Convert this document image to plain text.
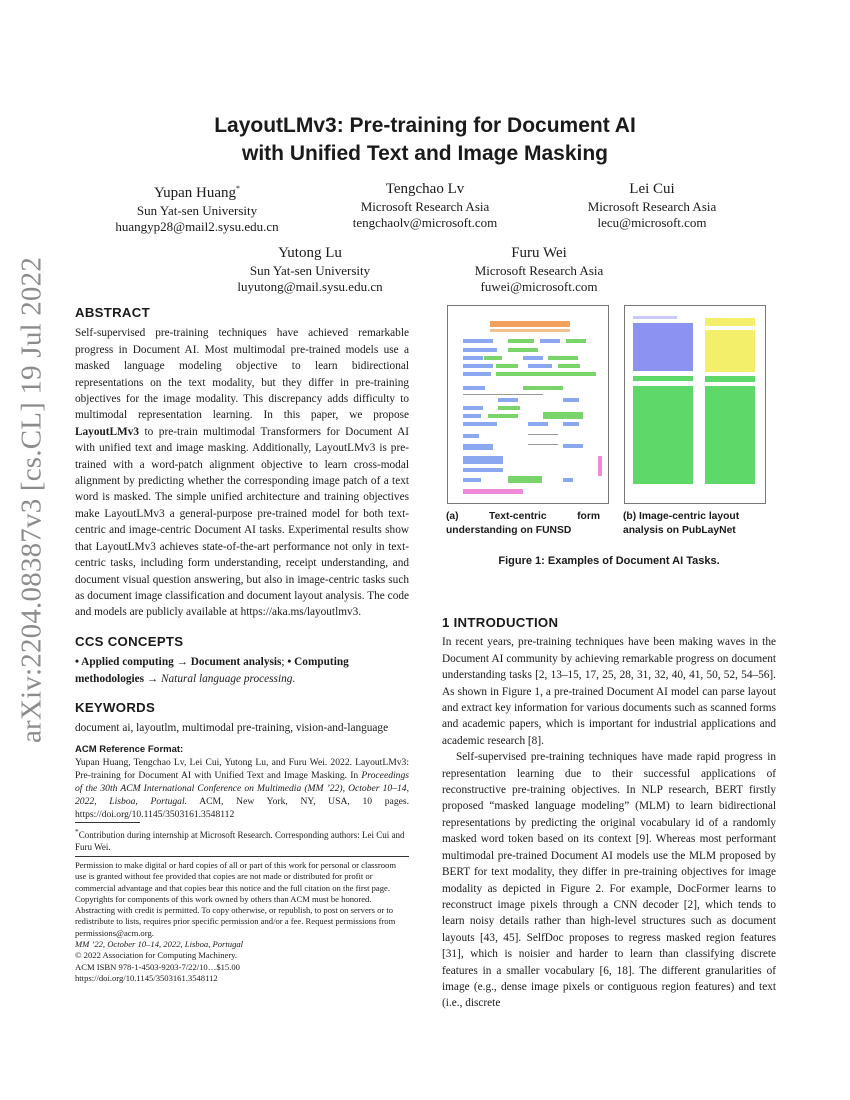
arXiv:2204.08387v3 [cs.CL] 19 Jul 2022
LayoutLMv3: Pre-training for Document AI
with Unified Text and Image Masking
Yupan Huang*
Sun Yat-sen University
huangyp28@mail2.sysu.edu.cn
Tengchao Lv
Microsoft Research Asia
tengchaolv@microsoft.com
Lei Cui
Microsoft Research Asia
lecu@microsoft.com
Yutong Lu
Sun Yat-sen University
luyutong@mail.sysu.edu.cn
Furu Wei
Microsoft Research Asia
fuwei@microsoft.com
ABSTRACT

Self-supervised pre-training techniques have achieved remarkable progress in Document AI. Most multimodal pre-trained models use a masked language modeling objective to learn bidirectional representations on the text modality, but they differ in pre-training objectives for the image modality. This discrepancy adds difficulty to multimodal representation learning. In this paper, we propose LayoutLMv3 to pre-train multimodal Transformers for Document AI with unified text and image masking. Additionally, LayoutLMv3 is pre-trained with a word-patch alignment objective to learn cross-modal alignment by predicting whether the corresponding image patch of a text word is masked. The simple unified architecture and training objectives make LayoutLMv3 a general-purpose pre-trained model for both text-centric and image-centric Document AI tasks. Experimental results show that LayoutLMv3 achieves state-of-the-art performance not only in text-centric tasks, including form understanding, receipt understanding, and document visual question answering, but also in image-centric tasks such as document image classification and document layout analysis. The code and models are publicly available at https://aka.ms/layoutlmv3.

CCS CONCEPTS

• Applied computing → Document analysis; • Computing methodologies → Natural language processing.

KEYWORDS

document ai, layoutlm, multimodal pre-training, vision-and-language

ACM Reference Format:

Yupan Huang, Tengchao Lv, Lei Cui, Yutong Lu, and Furu Wei. 2022. LayoutLMv3: Pre-training for Document AI with Unified Text and Image Masking. In Proceedings of the 30th ACM International Conference on Multimedia (MM ’22), October 10–14, 2022, Lisboa, Portugal. ACM, New York, NY, USA, 10 pages. https://doi.org/10.1145/3503161.3548112

*Contribution during internship at Microsoft Research. Corresponding authors: Lei Cui and Furu Wei.

Permission to make digital or hard copies of all or part of this work for personal or classroom use is granted without fee provided that copies are not made or distributed for profit or commercial advantage and that copies bear this notice and the full citation on the first page. Copyrights for components of this work owned by others than ACM must be honored. Abstracting with credit is permitted. To copy otherwise, or republish, to post on servers or to redistribute to lists, requires prior specific permission and/or a fee. Request permissions from permissions@acm.org.

MM ’22, October 10–14, 2022, Lisboa, Portugal
© 2022 Association for Computing Machinery.
ACM ISBN 978-1-4503-9203-7/22/10…$15.00
https://doi.org/10.1145/3503161.3548112
(a) Text-centric form understanding on FUNSD
(b) Image-centric layout analysis on PubLayNet
Figure 1: Examples of Document AI Tasks.
1 INTRODUCTION

In recent years, pre-training techniques have been making waves in the Document AI community by achieving remarkable progress on document understanding tasks [2, 13–15, 17, 25, 28, 31, 32, 40, 41, 50, 52, 54–56]. As shown in Figure 1, a pre-trained Document AI model can parse layout and extract key information for various documents such as scanned forms and academic papers, which is important for industrial applications and academic research [8].

Self-supervised pre-training techniques have made rapid progress in representation learning due to their successful applications of reconstructive pre-training objectives. In NLP research, BERT firstly proposed “masked language modeling” (MLM) to learn bidirectional representations by predicting the original vocabulary id of a randomly masked word token based on its context [9]. Whereas most performant multimodal pre-trained Document AI models use the MLM proposed by BERT for text modality, they differ in pre-training objectives for image modality as depicted in Figure 2. For example, DocFormer learns to reconstruct image pixels through a CNN decoder [2], which tends to learn noisy details rather than high-level structures such as document layouts [43, 45]. SelfDoc proposes to regress masked region features [31], which is noisier and harder to learn than classifying discrete features in a smaller vocabulary [6, 18]. The different granularities of image (e.g., dense image pixels or contiguous region features) and text (i.e., discrete
